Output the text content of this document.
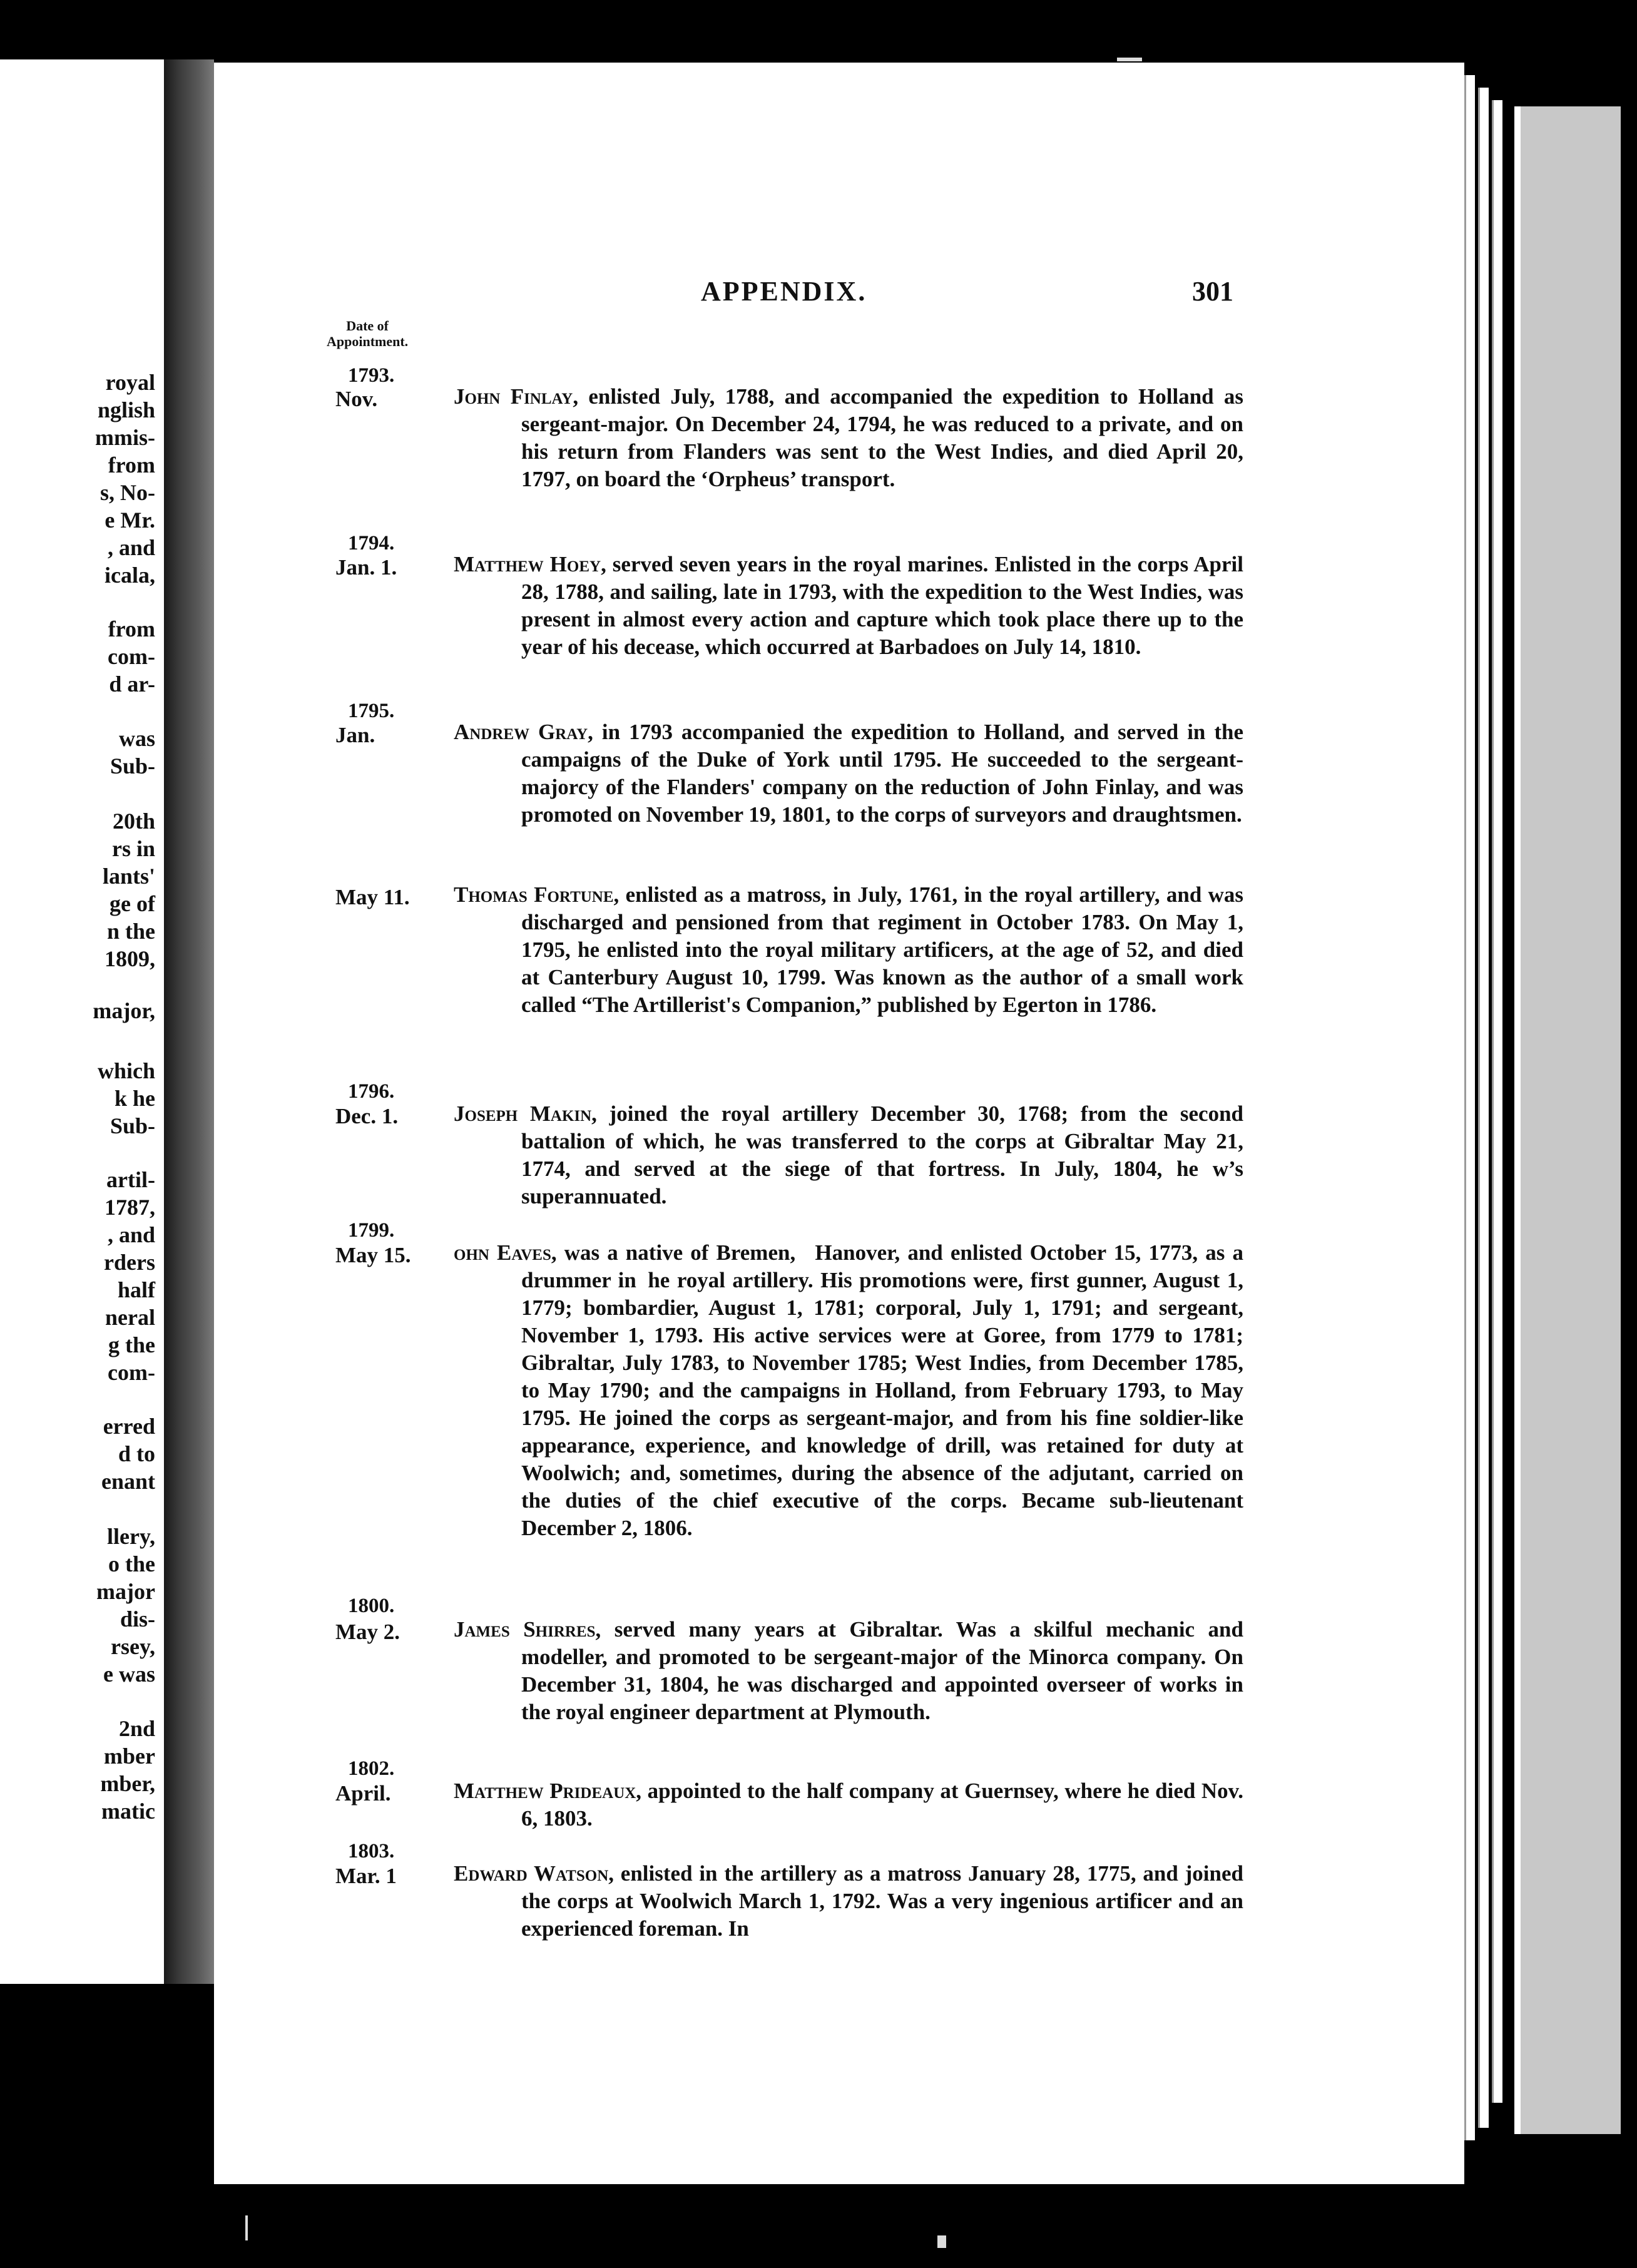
royal
nglish
mmis-
from
s, No-
e Mr.
, and
icala,
from
com-
d ar-
was
Sub-
20th
rs in
lants'
ge of
n the
1809,
major,
which
k he
Sub-
artil-
1787,
, and
rders
half
neral
g the
com-
erred
d to
enant
llery,
o the
major
dis-
rsey,
e was
2nd
mber
mber,
matic
APPENDIX.	301
Date of
Appointment.
1793.
Nov.	John Finlay, enlisted July, 1788, and accompanied the expedition to Holland as sergeant-major. On December 24, 1794, he was reduced to a private, and on his return from Flanders was sent to the West Indies, and died April 20, 1797, on board the ‘Orpheus’ transport.
1794.
Jan. 1.	Matthew Hoey, served seven years in the royal marines. Enlisted in the corps April 28, 1788, and sailing, late in 1793, with the expedition to the West Indies, was present in almost every action and capture which took place there up to the year of his decease, which occurred at Barbadoes on July 14, 1810.
1795.
Jan.	Andrew Gray, in 1793 accompanied the expedition to Holland, and served in the campaigns of the Duke of York until 1795. He succeeded to the sergeant-majorcy of the Flanders' company on the reduction of John Finlay, and was promoted on November 19, 1801, to the corps of surveyors and draughtsmen.
May 11. Thomas Fortune, enlisted as a matross, in July, 1761, in the royal artillery, and was discharged and pensioned from that regiment in October 1783. On May 1, 1795, he enlisted into the royal military artificers, at the age of 52, and died at Canterbury August 10, 1799. Was known as the author of a small work called “The Artillerist's Companion,” published by Egerton in 1786.
1796.
Dec. 1.	Joseph Makin, joined the royal artillery December 30, 1768; from the second battalion of which, he was transferred to the corps at Gibraltar May 21, 1774, and served at the siege of that fortress. In July, 1804, he w’s superannuated.
1799.
May 15. ohn Eaves, was a native of Bremen,   Hanover, and enlisted October 15, 1773, as a drummer in  he royal artillery. His promotions were, first gunner, August 1, 1779; bombardier, August 1, 1781; corporal, July 1, 1791; and sergeant, November 1, 1793. His active services were at Goree, from 1779 to 1781; Gibraltar, July 1783, to November 1785; West Indies, from December 1785, to May 1790; and the campaigns in Holland, from February 1793, to May 1795. He joined the corps as sergeant-major, and from his fine soldier-like appearance, experience, and knowledge of drill, was retained for duty at Woolwich; and, sometimes, during the absence of the adjutant, carried on the duties of the chief executive of the corps. Became sub-lieutenant December 2, 1806.
1800.
May 2. James Shirres, served many years at Gibraltar. Was a skilful mechanic and modeller, and promoted to be sergeant-major of the Minorca company. On December 31, 1804, he was discharged and appointed overseer of works in the royal engineer department at Plymouth.
1802.
April.	Matthew Prideaux, appointed to the half company at Guernsey, where he died Nov. 6, 1803.
1803.
Mar. 1	Edward Watson, enlisted in the artillery as a matross January 28, 1775, and joined the corps at Woolwich March 1, 1792. Was a very ingenious artificer and an experienced foreman. In
